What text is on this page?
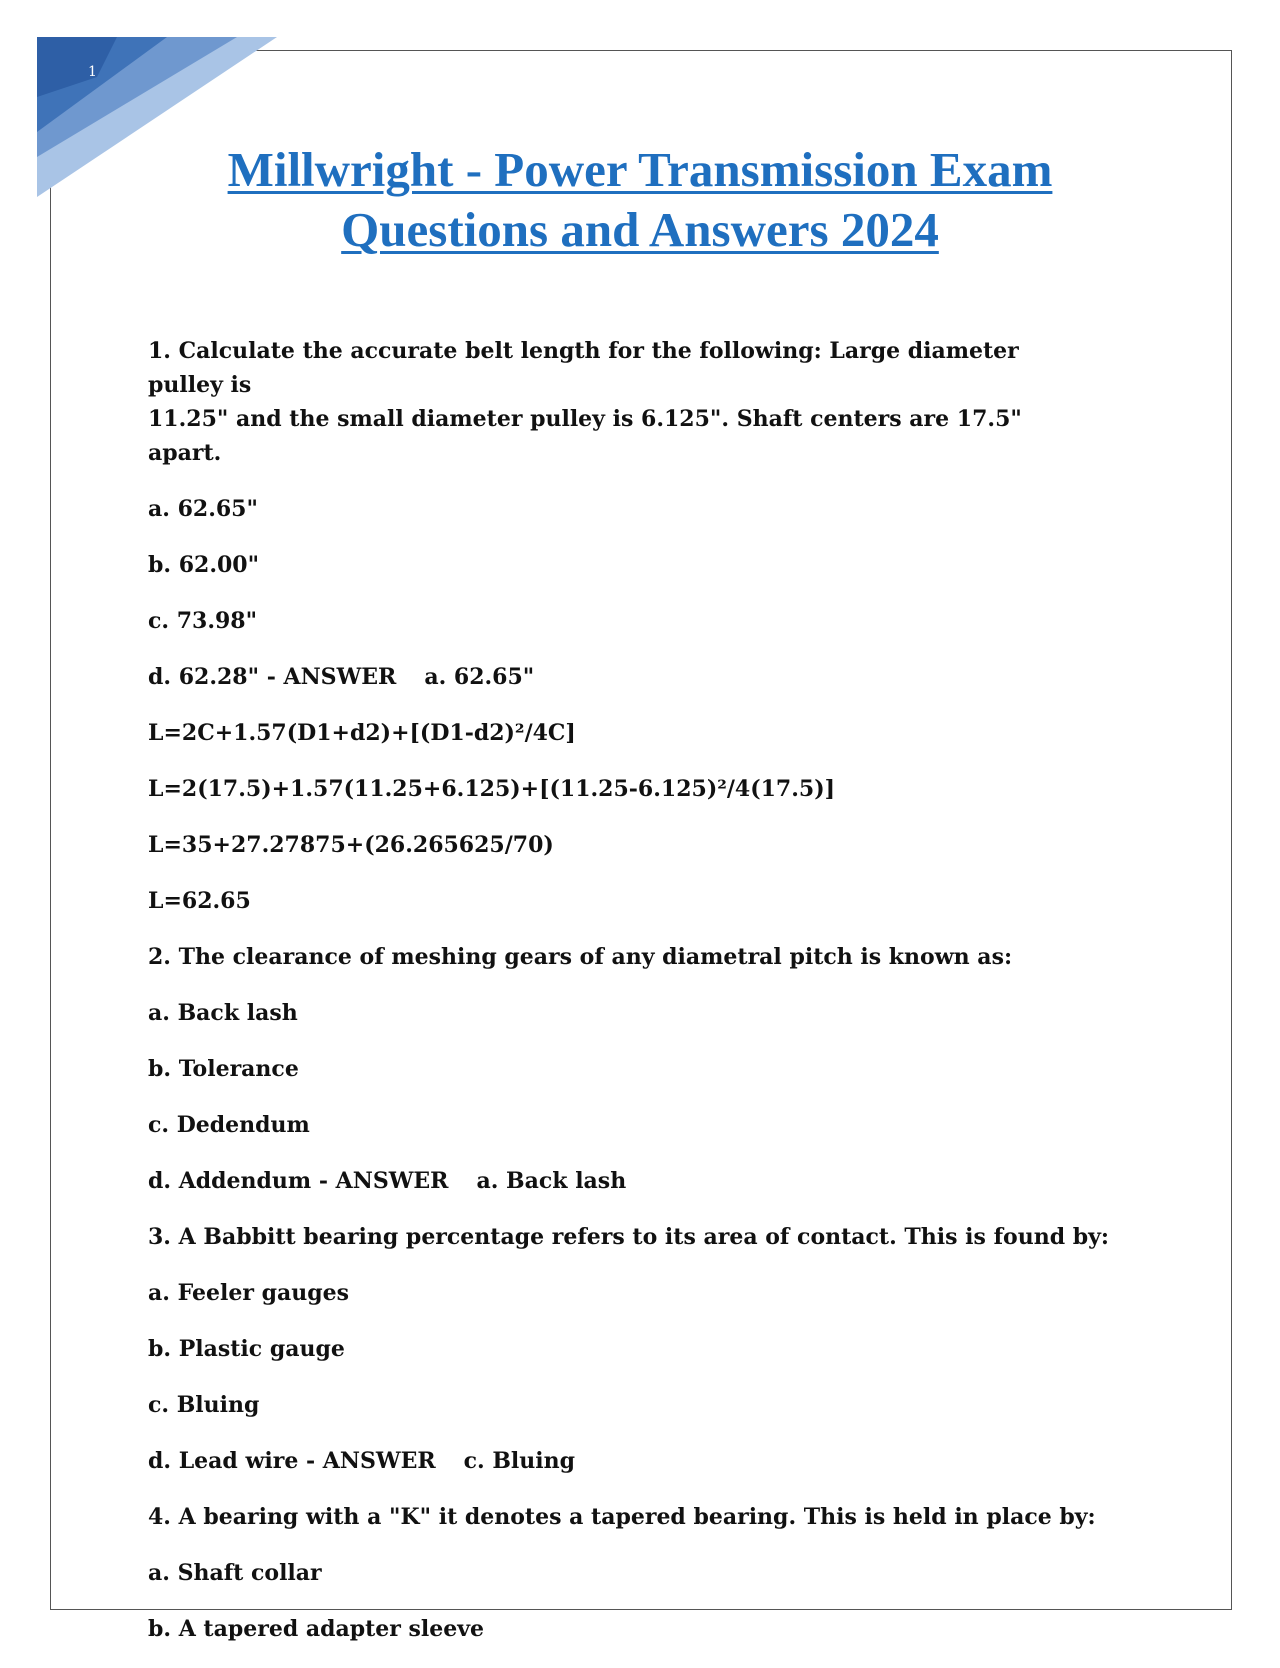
1
Millwright - Power Transmission Exam
Questions and Answers 2024
1. Calculate the accurate belt length for the following: Large diameter pulley is
11.25" and the small diameter pulley is 6.125". Shaft centers are 17.5" apart.
a. 62.65"
b. 62.00"
c. 73.98"
d. 62.28" - ANSWER a. 62.65"
L=2C+1.57(D1+d2)+[(D1-d2)²/4C]
L=2(17.5)+1.57(11.25+6.125)+[(11.25-6.125)²/4(17.5)]
L=35+27.27875+(26.265625/70)
L=62.65
2. The clearance of meshing gears of any diametral pitch is known as:
a. Back lash
b. Tolerance
c. Dedendum
d. Addendum - ANSWER a. Back lash
3. A Babbitt bearing percentage refers to its area of contact. This is found by:
a. Feeler gauges
b. Plastic gauge
c. Bluing
d. Lead wire - ANSWER c. Bluing
4. A bearing with a "K" it denotes a tapered bearing. This is held in place by:
a. Shaft collar
b. A tapered adapter sleeve
